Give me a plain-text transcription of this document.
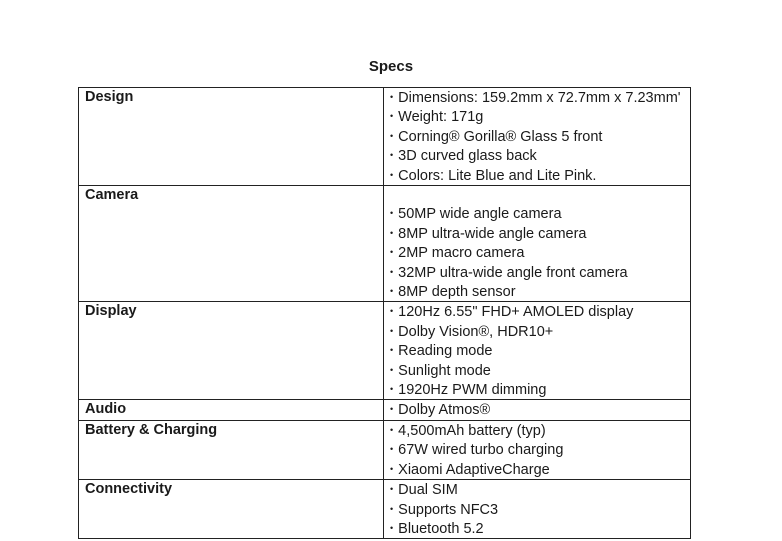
Specs
Design	• Dimensions: 159.2mm x 72.7mm x 7.23mm'
• Weight: 171g
• Corning® Gorilla® Glass 5 front
• 3D curved glass back
• Colors: Lite Blue and Lite Pink.

Camera	• 50MP wide angle camera
• 8MP ultra-wide angle camera
• 2MP macro camera
• 32MP ultra-wide angle front camera
• 8MP depth sensor

Display	• 120Hz 6.55" FHD+ AMOLED display
• Dolby Vision®, HDR10+
• Reading mode
• Sunlight mode
• 1920Hz PWM dimming

Audio	• Dolby Atmos®

Battery & Charging	• 4,500mAh battery (typ)
• 67W wired turbo charging
• Xiaomi AdaptiveCharge

Connectivity	• Dual SIM
• Supports NFC3
• Bluetooth 5.2
